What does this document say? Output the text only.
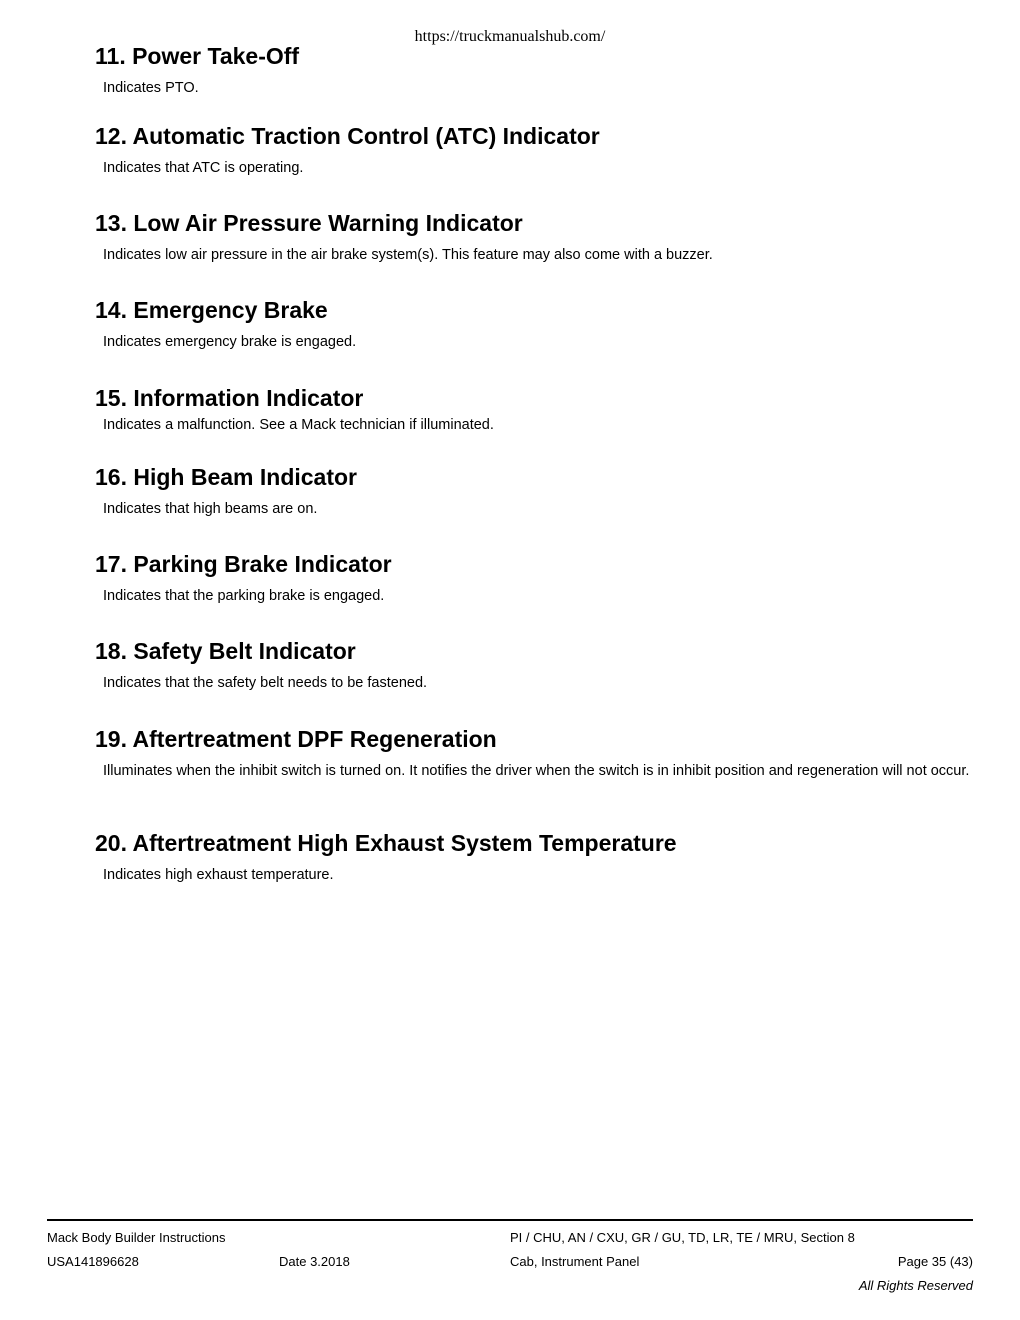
https://truckmanualshub.com/
11. Power Take-Off

Indicates PTO.

12. Automatic Traction Control (ATC) Indicator

Indicates that ATC is operating.

13. Low Air Pressure Warning Indicator

Indicates low air pressure in the air brake system(s). This feature may also come with a buzzer.

14. Emergency Brake

Indicates emergency brake is engaged.

15. Information Indicator

Indicates a malfunction. See a Mack technician if illuminated.

16. High Beam Indicator

Indicates that high beams are on.

17. Parking Brake Indicator

Indicates that the parking brake is engaged.

18. Safety Belt Indicator

Indicates that the safety belt needs to be fastened.

19. Aftertreatment DPF Regeneration

Illuminates when the inhibit switch is turned on. It notifies the driver when the switch is in inhibit position and regeneration will not occur.

20. Aftertreatment High Exhaust System Temperature

Indicates high exhaust temperature.

Mack Body Builder Instructions	PI / CHU, AN / CXU, GR / GU, TD, LR, TE / MRU, Section 8
USA141896628	Date 3.2018	Cab, Instrument Panel	Page 35 (43)
All Rights Reserved
